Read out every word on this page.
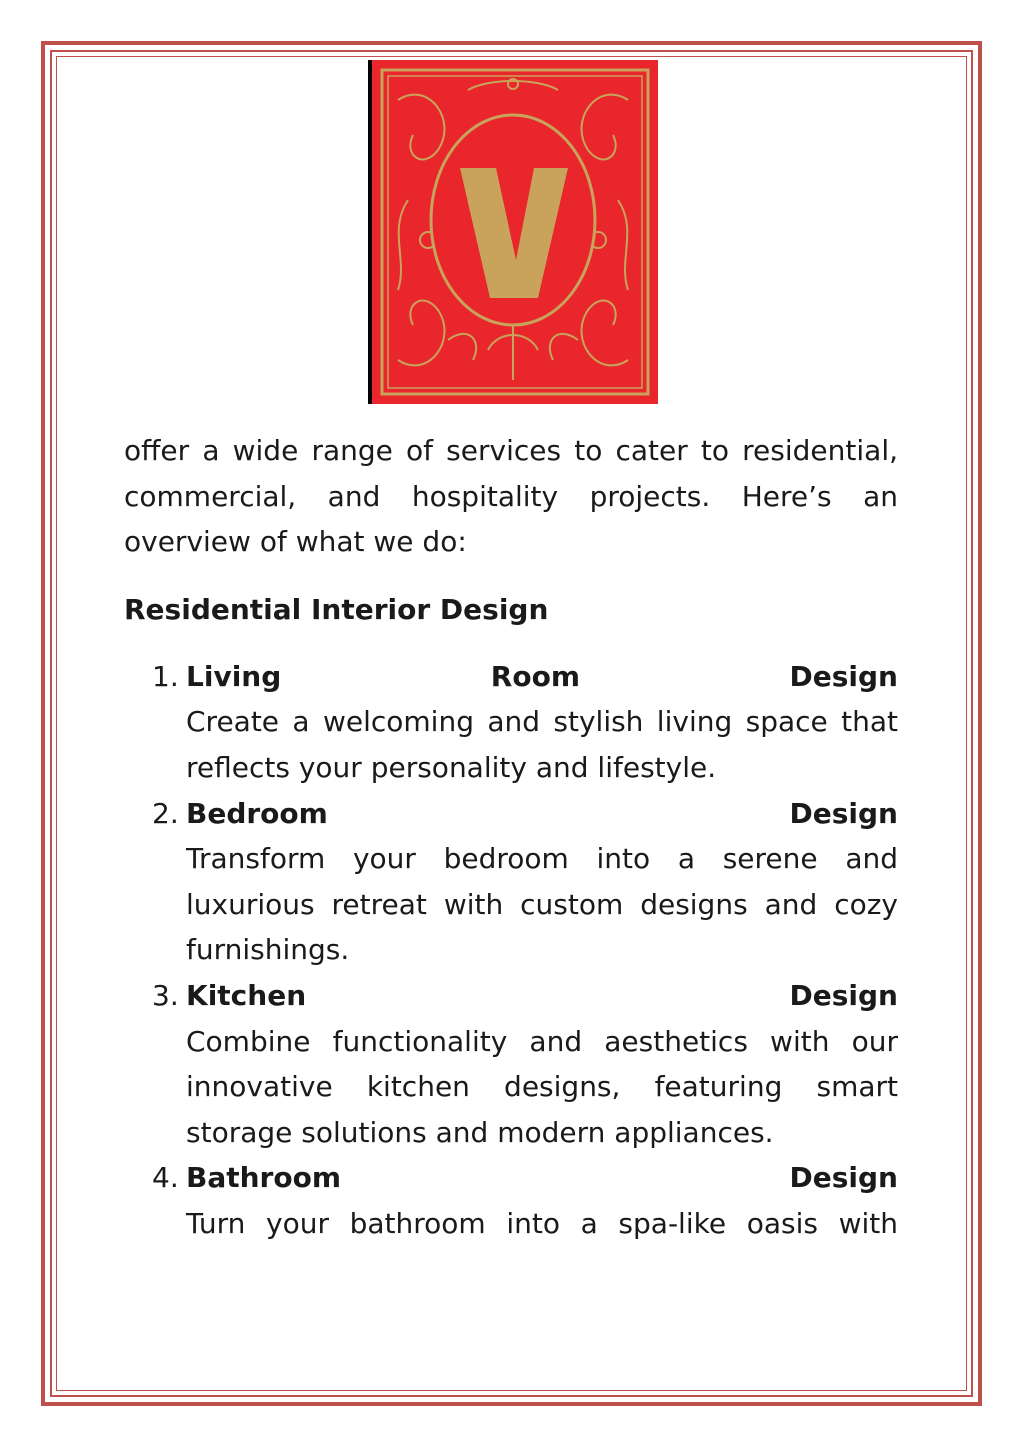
offer a wide range of services to cater to residential, commercial, and hospitality projects. Here’s an overview of what we do:

Residential Interior Design
1. Living	Room	Design
Create a welcoming and stylish living space that reflects your personality and lifestyle.
2. Bedroom	Design
Transform your bedroom into a serene and luxurious retreat with custom designs and cozy furnishings.
3. Kitchen	Design
Combine functionality and aesthetics with our innovative kitchen designs, featuring smart storage solutions and modern appliances.
4. Bathroom	Design
Turn your bathroom into a spa-like oasis with
